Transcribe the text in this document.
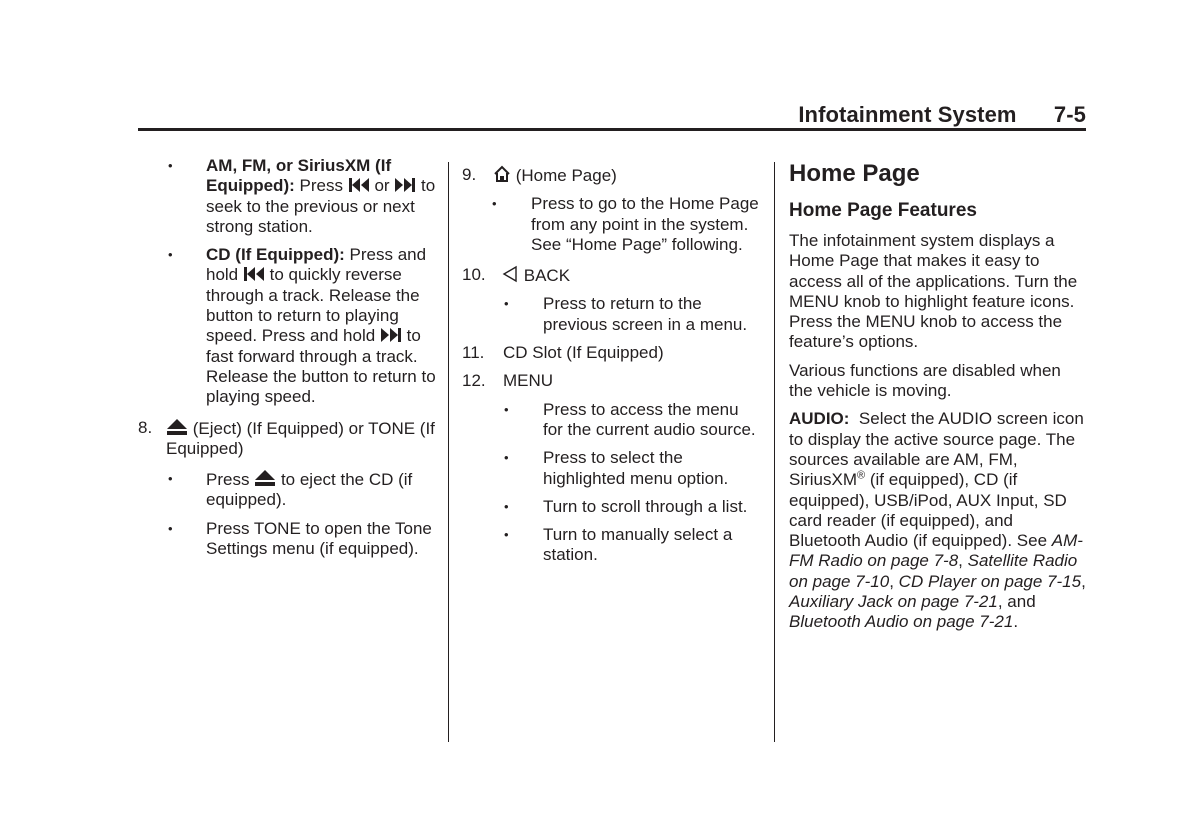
Infotainment System 7-5
• AM, FM, or SiriusXM (If Equipped): Press or to seek to the previous or next strong station.
• CD (If Equipped): Press and hold to quickly reverse through a track. Release the button to return to playing speed. Press and hold to fast forward through a track. Release the button to return to playing speed.
8. (Eject) (If Equipped) or TONE (If Equipped)
• Press to eject the CD (if equipped).
• Press TONE to open the Tone Settings menu (if equipped).
9. (Home Page)
• Press to go to the Home Page from any point in the system. See “Home Page” following.
10. BACK
• Press to return to the previous screen in a menu.
11. CD Slot (If Equipped)
12. MENU
• Press to access the menu for the current audio source.
• Press to select the highlighted menu option.
• Turn to scroll through a list.
• Turn to manually select a station.
Home Page
Home Page Features
The infotainment system displays a Home Page that makes it easy to access all of the applications. Turn the MENU knob to highlight feature icons. Press the MENU knob to access the feature’s options.
Various functions are disabled when the vehicle is moving.
AUDIO: Select the AUDIO screen icon to display the active source page. The sources available are AM, FM, SiriusXM® (if equipped), CD (if equipped), USB/iPod, AUX Input, SD card reader (if equipped), and Bluetooth Audio (if equipped). See AM-FM Radio on page 7-8, Satellite Radio on page 7-10, CD Player on page 7-15, Auxiliary Jack on page 7-21, and Bluetooth Audio on page 7-21.
